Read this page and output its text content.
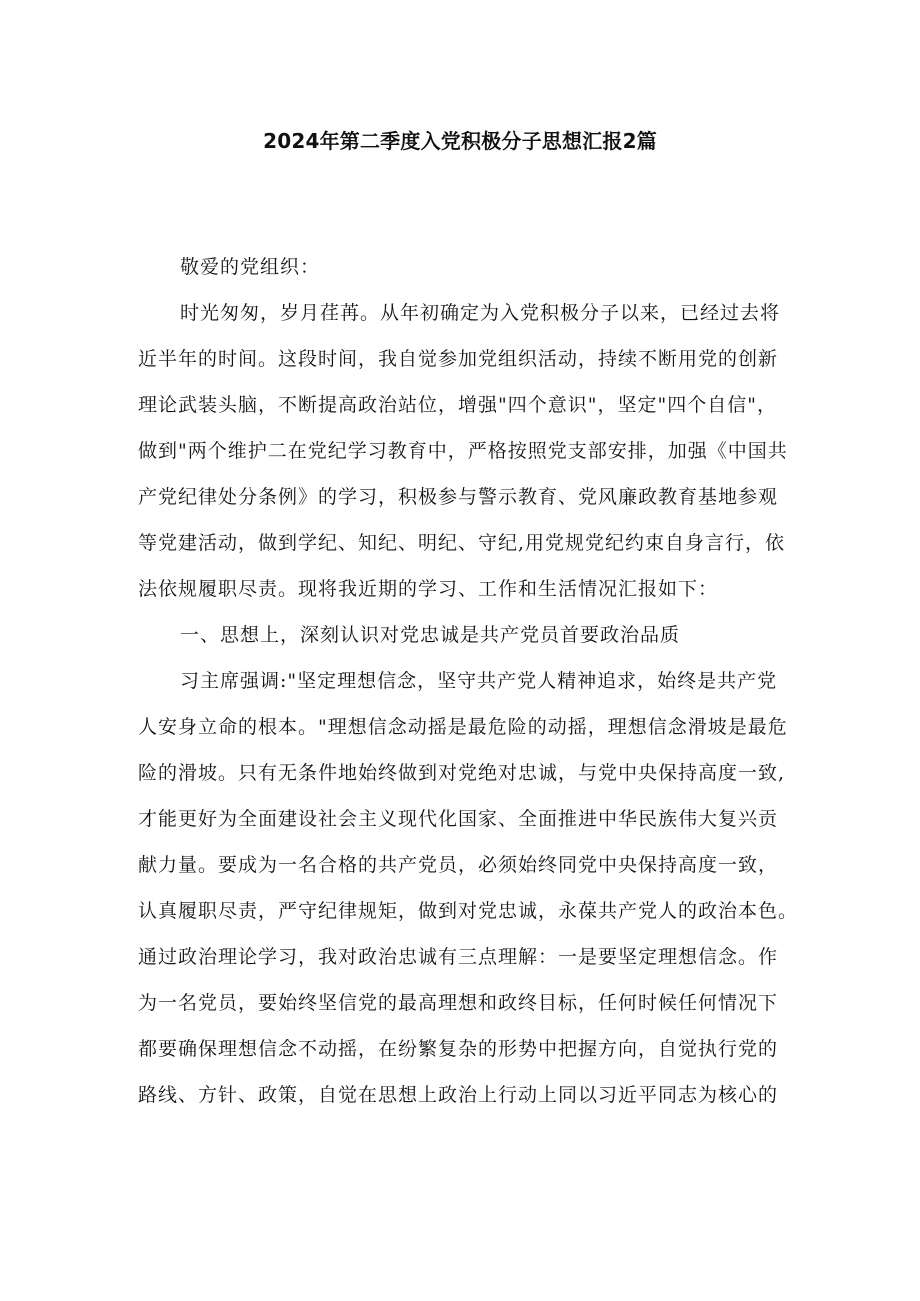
2024年第二季度入党积极分子思想汇报2篇
敬爱的党组织：
时光匆匆，岁月荏苒。从年初确定为入党积极分子以来，已经过去将
近半年的时间。这段时间，我自觉参加党组织活动，持续不断用党的创新
理论武装头脑，不断提高政治站位，增强"四个意识"，坚定"四个自信"，
做到"两个维护二在党纪学习教育中，严格按照党支部安排，加强《中国共
产党纪律处分条例》的学习，积极参与警示教育、党风廉政教育基地参观
等党建活动，做到学纪、知纪、明纪、守纪,用党规党纪约束自身言行，依
法依规履职尽责。现将我近期的学习、工作和生活情况汇报如下：
一、思想上，深刻认识对党忠诚是共产党员首要政治品质
习主席强调:"坚定理想信念，坚守共产党人精神追求，始终是共产党
人安身立命的根本。"理想信念动摇是最危险的动摇，理想信念滑坡是最危
险的滑坡。只有无条件地始终做到对党绝对忠诚，与党中央保持高度一致,
才能更好为全面建设社会主义现代化国家、全面推进中华民族伟大复兴贡
献力量。要成为一名合格的共产党员，必须始终同党中央保持高度一致，
认真履职尽责，严守纪律规矩，做到对党忠诚，永葆共产党人的政治本色。
通过政治理论学习，我对政治忠诚有三点理解：一是要坚定理想信念。作
为一名党员，要始终坚信党的最高理想和政终目标，任何时候任何情况下
都要确保理想信念不动摇，在纷繁复杂的形势中把握方向，自觉执行党的
路线、方针、政策，自觉在思想上政治上行动上同以习近平同志为核心的
